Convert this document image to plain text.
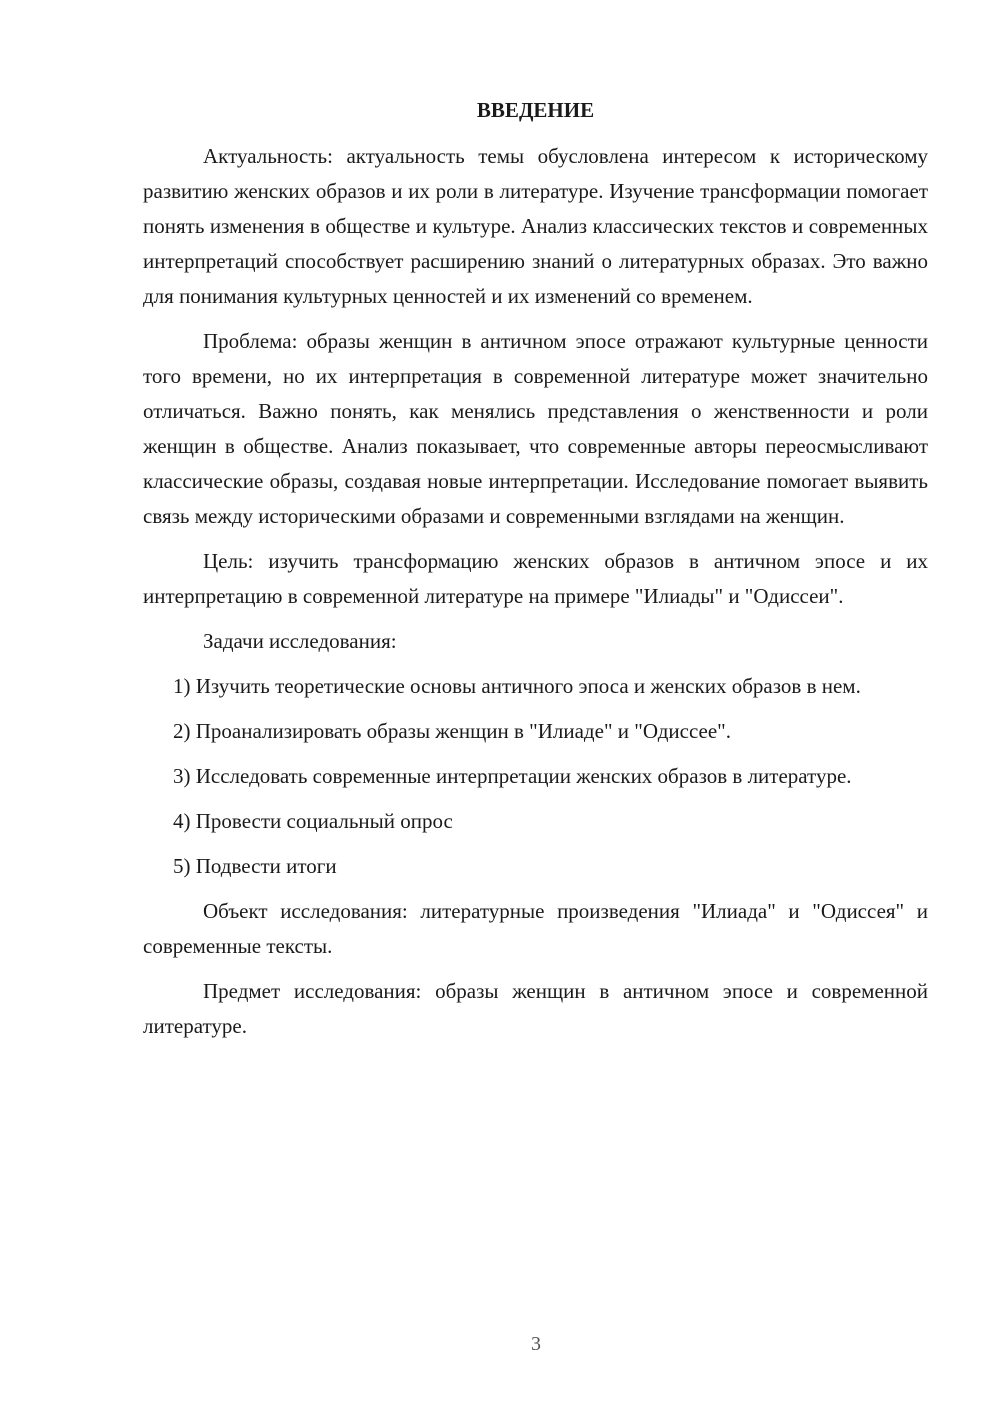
ВВЕДЕНИЕ

Актуальность: актуальность темы обусловлена интересом к историческому развитию женских образов и их роли в литературе. Изучение трансформации помогает понять изменения в обществе и культуре. Анализ классических текстов и современных интерпретаций способствует расширению знаний о литературных образах. Это важно для понимания культурных ценностей и их изменений со временем.

Проблема: образы женщин в античном эпосе отражают культурные ценности того времени, но их интерпретация в современной литературе может значительно отличаться. Важно понять, как менялись представления о женственности и роли женщин в обществе. Анализ показывает, что современные авторы переосмысливают классические образы, создавая новые интерпретации. Исследование помогает выявить связь между историческими образами и современными взглядами на женщин.

Цель: изучить трансформацию женских образов в античном эпосе и их интерпретацию в современной литературе на примере "Илиады" и "Одиссеи".

Задачи исследования:

1) Изучить теоретические основы античного эпоса и женских образов в нем.

2) Проанализировать образы женщин в "Илиаде" и "Одиссее".

3) Исследовать современные интерпретации женских образов в литературе.

4) Провести социальный опрос

5) Подвести итоги

Объект исследования: литературные произведения "Илиада" и "Одиссея" и современные тексты.

Предмет исследования: образы женщин в античном эпосе и современной литературе.

3
